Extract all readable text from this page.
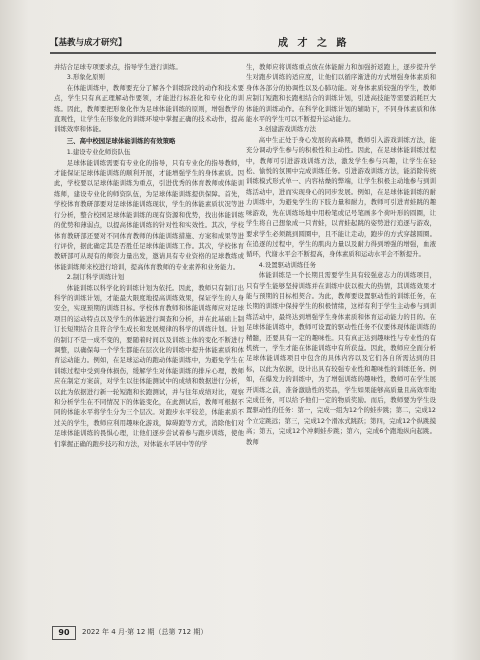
【基教与成才研究】	成 才 之 路

并结合足球专项要求点，指导学生进行训练。

3.形象化原则

在体能训练中，教师要充分了解各个训练阶段的动作和技术要点，学生只有真正理解动作要领，才能进行标准化和专业化的训练。因此，教师要把形象化作为足球体能训练的原则，增强教学的直观性，让学生在形象化的训练环境中掌握正确的技术动作，提高训练效率和体能。

三、高中校园足球体能训练的有效策略

1.建设专业化师资队伍

足球体能训练需要有专业化的指导，只有专业化的指导教师，才能保证足球体能训练的顺利开展，才能增强学生的身体素质。因此，学校要以足球体能训练为重点，引进优秀的体育教师或体能训练师，建设专业化的师资队伍，为足球体能训练提供保障。首先，学校体育教研部要对足球体能训练现状，学生的体能素质状况等进行分析，整合校园足球体能训练的现有资源和优势，找出体能训练的优势和薄弱点，以提高体能训练的针对性和实效性。其次，学校体育教研部还要对不同体育教师的体能训练措施、方案和成果等进行评价，据此确定其是否胜任足球体能训练工作。其次，学校体育教研部可从现有的师资力量出发，邀请具有专业资格的足球教练或体能训练师来校进行培训，提高体育教师的专业素养和业务能力。

2.制订科学训练计划

体能训练以科学化的训练计划为依托。因此，教师只有制订出科学的训练计划，才能最大限度地提高训练效果，保证学生的人身安全，实现预期的训练目标。学校体育教师和体能训练师应对足球项目的运动特点以及学生的体能进行调查和分析，并在此基础上制订长短期结合且符合学生成长和发展规律的科学的训练计划。计划的制订不是一成不变的，要随着时间以及训练主体的变化不断进行调整，以确保每一个学生都能在层次化的训练中提升体能素质和体育运动能力。例如，在足球运动的跑动体能训练中，为避免学生在训练过程中受到身体损伤，缓解学生对体能训练的排斥心理，教师应在制定方案前，对学生以往体能测试中的成绩和数据进行分析，以此为依据进行新一轮短跑和长跑测试，并与往年成绩对比，观察和分析学生在不同情况下的体能变化，在此测试后，教师可根据不同的体能水平将学生分为三个层次。对跑步水平较差，体能素质不过关的学生，教师应利用趣味化游戏，障碍跑等方式，消除他们对足球体能训练的畏惧心理，让他们逐步尝试着参与跑步训练，使他们掌握正确的跑步技巧和方法，对体能水平居中等的学

生，教师应将训练重点放在体能耐力和加强折返跑上，逐步提升学生对跑步训练的适应度，让他们以循序渐进的方式增强身体素质和身体各部分的协调性以及心肺功能。对身体素质较强的学生，教师应制订短跑和长跑相结合的训练计划，引进高技能等需要消耗巨大体能的训练动作。在科学化训练计划的辅助下，不同身体素质和体能水平的学生可以不断提升运动能力。

3.创建游戏训练方法

高中生正处于身心发展的高峰期，教师引入游戏训练方法，能充分调动学生参与的积极性和主动性。因此，在足球体能训练过程中，教师可引进游戏训练方法，激发学生参与兴趣，让学生在轻松、愉悦的氛围中完成训练任务。引进游戏训练方法，能消除传统训练模式形式单一、内容枯燥的弊端，让学生积极主动地参与到训练活动中，进而实现身心的同步发展。例如，在足球体能训练的耐力训练中，为避免学生的下肢力量和耐力，教师可引进青蛙跳的趣味游戏，先在训练场地中用粉笔或记号笔画多个荷叶形的圆圈，让学生将自己想象成一只青蛙，以青蛙起跳的姿势进行追逐与游戏，要求学生必须跳到圆圈中，且不能让走动，跑步的方式穿越圆圈。在追逐的过程中，学生的肌肉力量以及耐力得到增强的增强，血液循环，代谢水平会不断提高，身体素质和运动水平会不断提升。

4.设置驱动训练任务

体能训练是一个长期且需要学生具有较强意志力的训练项目，只有学生能够坚持训练并在训练中获以极大的热情，其训练效果才能与预期的目标相契合。为此，教师要设置驱动性的训练任务，在长期的训练中保持学生的积极情绪，这样有利于学生主动参与到训练活动中，最终达到增强学生身体素质和体育运动能力的目的。在足球体能训练中，教师可设置的驱动性任务不仅要体现体能训练的精髓，还要具有一定的趣味性。只有真正达到趣味性与专业性的有机统一，学生才能在体能训练中有所获益。因此，教师应全面分析足球体能训练项目中包含的具体内容以及它们各自所需达到的目标，以此为依据，设计出具有较强专业性和趣味性的训练任务。例如，在爆发力的训练中，为了增强训练的趣味性，教师可在学生展开训练之前，准备激励性的奖品，学生如果能够高质量且高效率地完成任务，可以给予他们一定的物质奖励。而后，教师要为学生设置驱动性的任务：第一，完成一组为12个的蛙步跳；第二，完成12个立定跳远；第三，完成12个滑冰式跳跃；第四，完成12个纵跳摸高；第五，完成12个冲刺蛙步跳；第六，完成6个跑地纵向起跳。教师

90	2022 年 4 月·第 12 期（总第 712 期）
